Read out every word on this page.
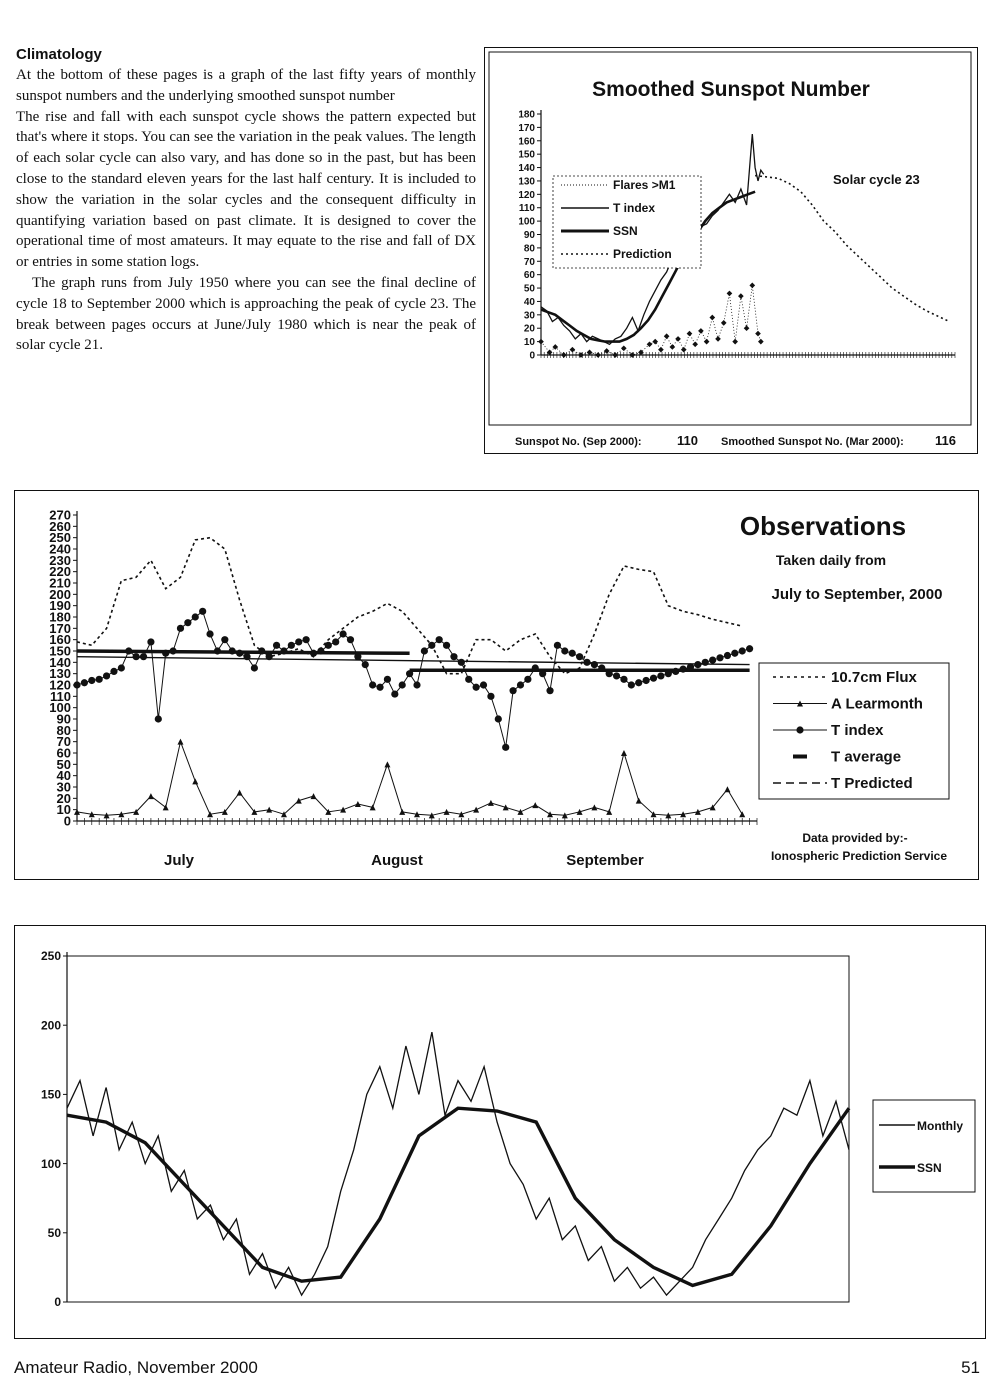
Climatology

At the bottom of these pages is a graph of the last fifty years of monthly sunspot numbers and the underlying smoothed sunspot number

The rise and fall with each sunspot cycle shows the pattern expected but that's where it stops. You can see the variation in the peak values. The length of each solar cycle can also vary, and has done so in the past, but has been close to the standard eleven years for the last half century. It is included to show the variation in the solar cycles and the consequent difficulty in quantifying variation based on past climate. It is designed to cover the operational time of most amateurs. It may equate to the rise and fall of DX or entries in some station logs.

The graph runs from July 1950 where you can see the final decline of cycle 18 to September 2000 which is approaching the peak of cycle 23. The break between pages occurs at June/July 1980 which is near the peak of solar cycle 21.

Smoothed Sunspot Number
0
10
20
30
40
50
60
70
80
90
100
110
120
130
140
150
160
170
180
Solar cycle 23
Flares >M1
T index
SSN
Prediction
Sunspot No. (Sep 2000):	110 Smoothed Sunspot No. (Mar 2000): 116
0
10
20
30
40
50
60
70
80
90
100
110
120
130
140
150
160
170
180
190
200
210
220
230
240
250
260
270
July	August	September
Observations
Taken daily from
July to September, 2000
10.7cm Flux
A Learmonth
T index
T average
T Predicted
Data provided by:-
Ionospheric Prediction Service
0
50
100
150
200
250
Monthly
SSN
Amateur Radio, November 2000	51
